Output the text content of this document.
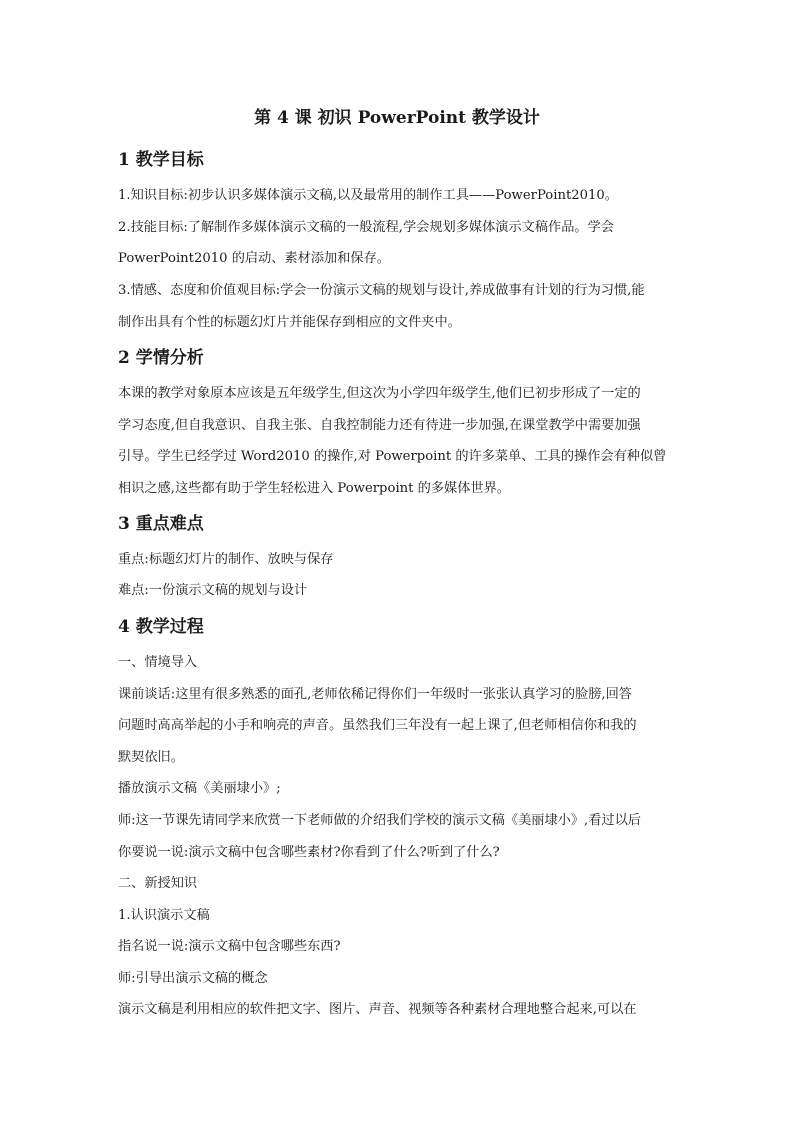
第 4 课 初识 PowerPoint 教学设计
1 教学目标
1.知识目标:初步认识多媒体演示文稿,以及最常用的制作工具——PowerPoint2010。
2.技能目标:了解制作多媒体演示文稿的一般流程,学会规划多媒体演示文稿作品。学会
PowerPoint2010 的启动、素材添加和保存。
3.情感、态度和价值观目标:学会一份演示文稿的规划与设计,养成做事有计划的行为习惯,能
制作出具有个性的标题幻灯片并能保存到相应的文件夹中。
2 学情分析
本课的教学对象原本应该是五年级学生,但这次为小学四年级学生,他们已初步形成了一定的
学习态度,但自我意识、自我主张、自我控制能力还有待进一步加强,在课堂教学中需要加强
引导。学生已经学过 Word2010 的操作,对 Powerpoint 的许多菜单、工具的操作会有种似曾
相识之感,这些都有助于学生轻松进入 Powerpoint 的多媒体世界。
3 重点难点
重点:标题幻灯片的制作、放映与保存
难点:一份演示文稿的规划与设计
4 教学过程
一、情境导入
课前谈话:这里有很多熟悉的面孔,老师依稀记得你们一年级时一张张认真学习的脸膀,回答
问题时高高举起的小手和响亮的声音。虽然我们三年没有一起上课了,但老师相信你和我的
默契依旧。
播放演示文稿《美丽埭小》;
师:这一节课先请同学来欣赏一下老师做的介绍我们学校的演示文稿《美丽埭小》,看过以后
你要说一说:演示文稿中包含哪些素材?你看到了什么?听到了什么?
二、新授知识
1.认识演示文稿
指名说一说:演示文稿中包含哪些东西?
师:引导出演示文稿的概念
演示文稿是利用相应的软件把文字、图片、声音、视频等各种素材合理地整合起来,可以在
